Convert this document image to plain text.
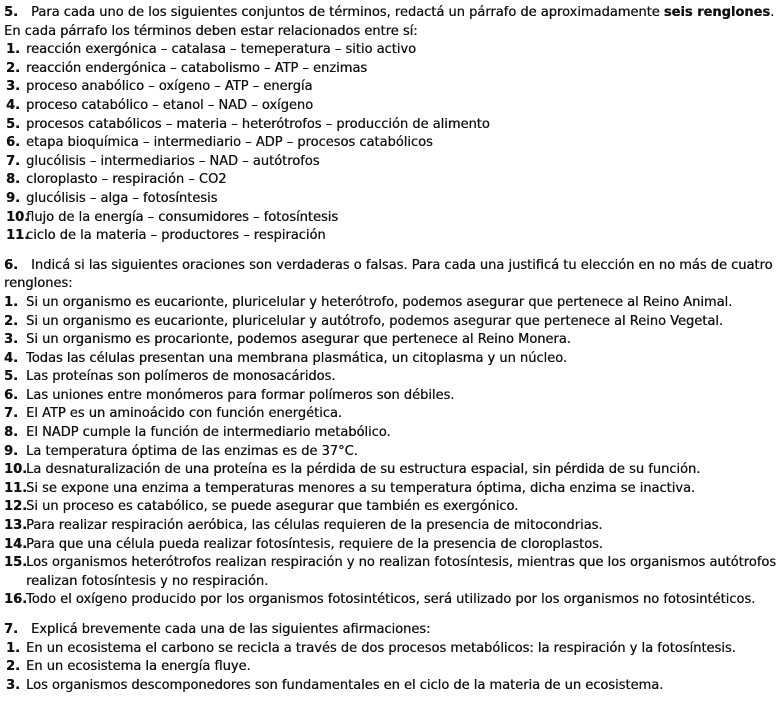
5. Para cada uno de los siguientes conjuntos de términos, redactá un párrafo de aproximadamente seis renglones. En cada párrafo los términos deben estar relacionados entre sí:

1. reacción exergónica – catalasa – temeperatura – sitio activo
2. reacción endergónica – catabolismo – ATP – enzimas
3. proceso anabólico – oxígeno – ATP – energía
4. proceso catabólico – etanol – NAD – oxígeno
5. procesos catabólicos – materia – heterótrofos – producción de alimento
6. etapa bioquímica – intermediario – ADP – procesos catabólicos
7. glucólisis – intermediarios – NAD – autótrofos
8. cloroplasto – respiración – CO2
9. glucólisis – alga – fotosíntesis
10.
flujo de la energía – consumidores – fotosíntesis
11.
ciclo de la materia – productores – respiración

6. Indicá si las siguientes oraciones son verdaderas o falsas. Para cada una justificá tu elección en no más de cuatro renglones:

1. Si un organismo es eucarionte, pluricelular y heterótrofo, podemos asegurar que pertenece al Reino Animal.
2. Si un organismo es eucarionte, pluricelular y autótrofo, podemos asegurar que pertenece al Reino Vegetal.
3. Si un organismo es procarionte, podemos asegurar que pertenece al Reino Monera.
4. Todas las células presentan una membrana plasmática, un citoplasma y un núcleo.
5. Las proteínas son polímeros de monosacáridos.
6. Las uniones entre monómeros para formar polímeros son débiles.
7. El ATP es un aminoácido con función energética.
8. El NADP cumple la función de intermediario metabólico.
9. La temperatura óptima de las enzimas es de 37°C.
10.
La desnaturalización de una proteína es la pérdida de su estructura espacial, sin pérdida de su función.
11.
Si se expone una enzima a temperaturas menores a su temperatura óptima, dicha enzima se inactiva.
12.
Si un proceso es catabólico, se puede asegurar que también es exergónico.
13.
Para realizar respiración aeróbica, las células requieren de la presencia de mitocondrias.
14.
Para que una célula pueda realizar fotosíntesis, requiere de la presencia de cloroplastos.
15.
Los organismos heterótrofos realizan respiración y no realizan fotosíntesis, mientras que los organismos autótrofos realizan fotosíntesis y no respiración.
16.
Todo el oxígeno producido por los organismos fotosintéticos, será utilizado por los organismos no fotosintéticos.

7. Explicá brevemente cada una de las siguientes afirmaciones:

1. En un ecosistema el carbono se recicla a través de dos procesos metabólicos: la respiración y la fotosíntesis.
2. En un ecosistema la energía fluye.
3. Los organismos descomponedores son fundamentales en el ciclo de la materia de un ecosistema.
